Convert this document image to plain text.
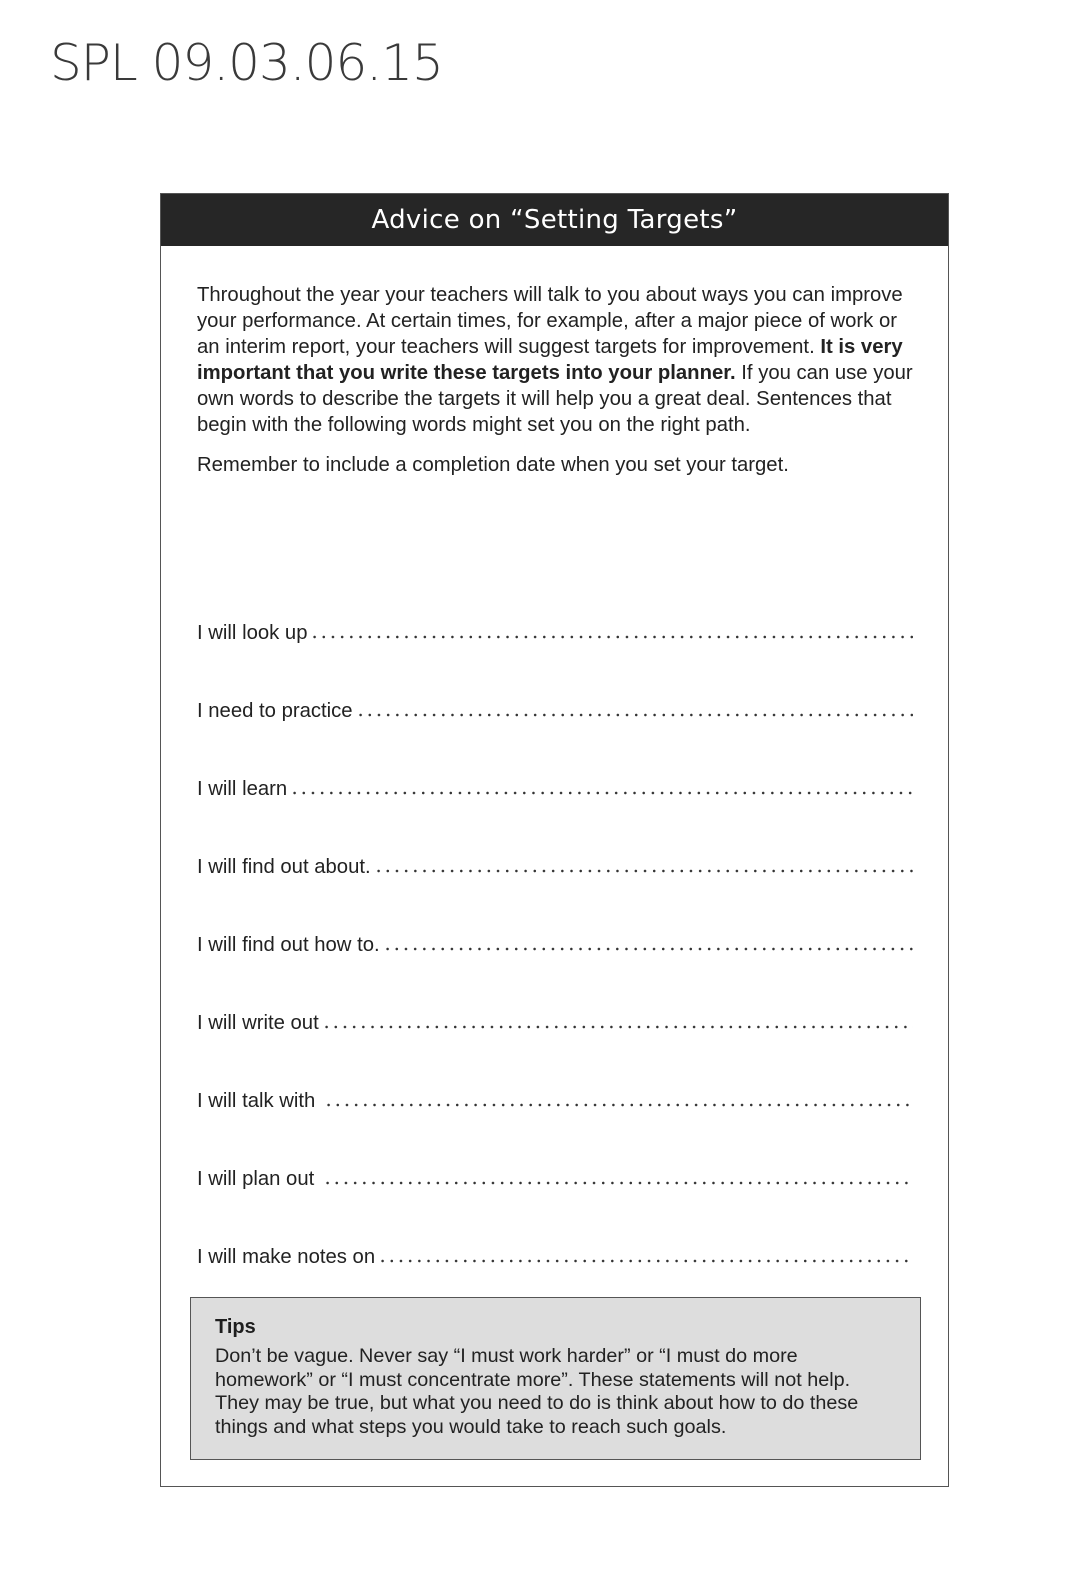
SPL 09.03.06.15
Advice on “Setting Targets”

Throughout the year your teachers will talk to you about ways you can improve your performance. At certain times, for example, after a major piece of work or an interim report, your teachers will suggest targets for improvement. It is very important that you write these targets into your planner. If you can use your own words to describe the targets it will help you a great deal. Sentences that begin with the following words might set you on the right path.

Remember to include a completion date when you set your target.

I will look up
I need to practice
I will learn
I will find out about.
I will find out how to.
I will write out
I will talk with
I will plan out
I will make notes on
Tips
Don’t be vague. Never say “I must work harder” or “I must do more homework” or “I must concentrate more”. These statements will not help. They may be true, but what you need to do is think about how to do these things and what steps you would take to reach such goals.
